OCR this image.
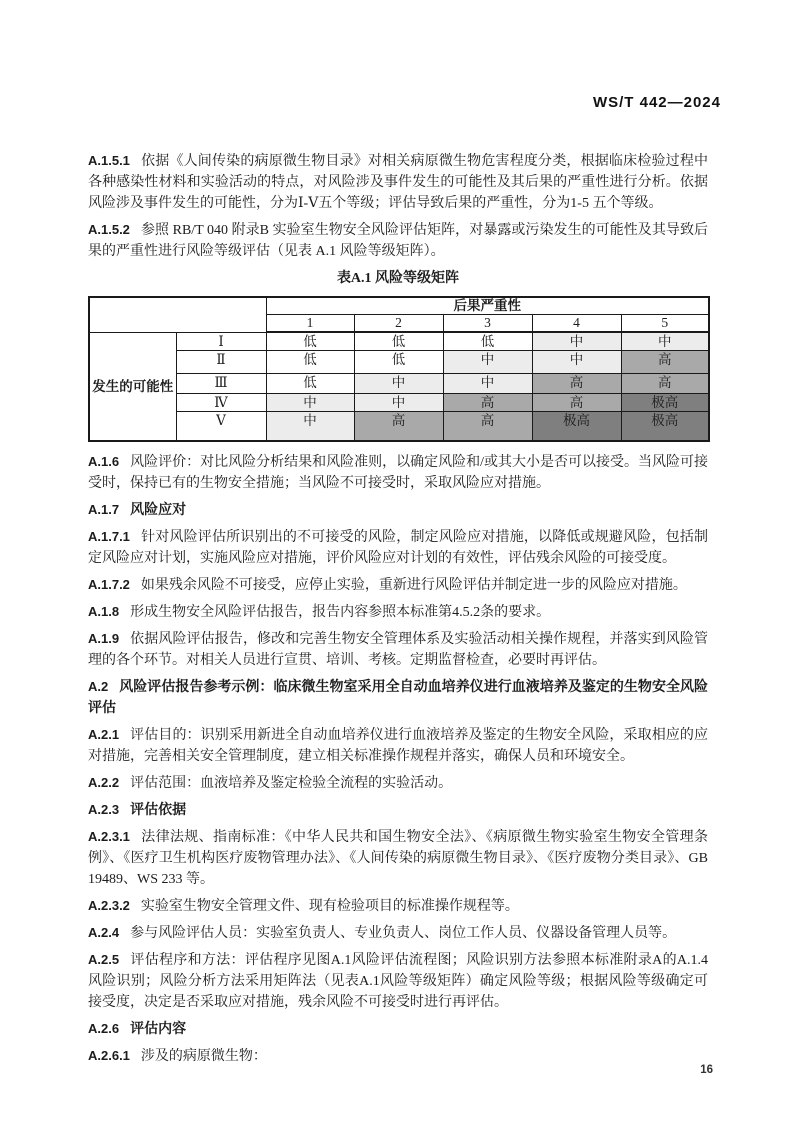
WS/T 442—2024

A.1.5.1 依据《人间传染的病原微生物目录》对相关病原微生物危害程度分类，根据临床检验过程中各种感染性材料和实验活动的特点，对风险涉及事件发生的可能性及其后果的严重性进行分析。依据风险涉及事件发生的可能性，分为Ⅰ-Ⅴ五个等级；评估导致后果的严重性，分为1-5 五个等级。

A.1.5.2 参照 RB/T 040 附录B 实验室生物安全风险评估矩阵，对暴露或污染发生的可能性及其导致后果的严重性进行风险等级评估（见表 A.1 风险等级矩阵）。

表A.1 风险等级矩阵
		后果严重性				
		1	2	3	4	5
发生的可能性	Ⅰ	低	低	低	中	中
	Ⅱ	低	低	中	中	高
	Ⅲ	低	中	中	高	高
	Ⅳ	中	中	高	高	极高
	Ⅴ	中	高	高	极高	极高

A.1.6 风险评价：对比风险分析结果和风险准则，以确定风险和/或其大小是否可以接受。当风险可接受时，保持已有的生物安全措施；当风险不可接受时，采取风险应对措施。

A.1.7 风险应对

A.1.7.1 针对风险评估所识别出的不可接受的风险，制定风险应对措施，以降低或规避风险，包括制定风险应对计划，实施风险应对措施，评价风险应对计划的有效性，评估残余风险的可接受度。

A.1.7.2 如果残余风险不可接受，应停止实验，重新进行风险评估并制定进一步的风险应对措施。

A.1.8 形成生物安全风险评估报告，报告内容参照本标准第4.5.2条的要求。

A.1.9 依据风险评估报告，修改和完善生物安全管理体系及实验活动相关操作规程，并落实到风险管理的各个环节。对相关人员进行宣贯、培训、考核。定期监督检查，必要时再评估。

A.2 风险评估报告参考示例：临床微生物室采用全自动血培养仪进行血液培养及鉴定的生物安全风险评估

A.2.1 评估目的：识别采用新进全自动血培养仪进行血液培养及鉴定的生物安全风险，采取相应的应对措施，完善相关安全管理制度，建立相关标准操作规程并落实，确保人员和环境安全。

A.2.2 评估范围：血液培养及鉴定检验全流程的实验活动。

A.2.3 评估依据

A.2.3.1 法律法规、指南标准：《中华人民共和国生物安全法》、《病原微生物实验室生物安全管理条例》、《医疗卫生机构医疗废物管理办法》、《人间传染的病原微生物目录》、《医疗废物分类目录》、GB 19489、WS 233 等。

A.2.3.2 实验室生物安全管理文件、现有检验项目的标准操作规程等。

A.2.4 参与风险评估人员：实验室负责人、专业负责人、岗位工作人员、仪器设备管理人员等。

A.2.5 评估程序和方法：评估程序见图A.1风险评估流程图；风险识别方法参照本标准附录A的A.1.4风险识别；风险分析方法采用矩阵法（见表A.1风险等级矩阵）确定风险等级；根据风险等级确定可接受度，决定是否采取应对措施，残余风险不可接受时进行再评估。

A.2.6 评估内容

A.2.6.1 涉及的病原微生物：

16
